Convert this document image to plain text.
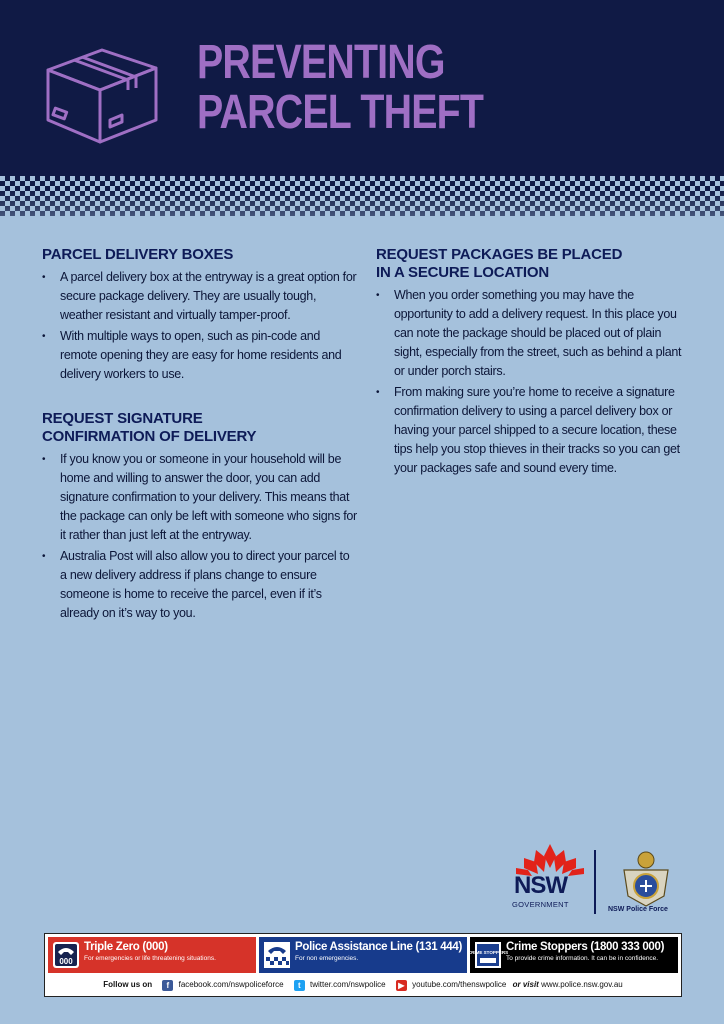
PREVENTING
PARCEL THEFT
PARCEL DELIVERY BOXES
• A parcel delivery box at the entryway is a great option for secure package delivery. They are usually tough, weather resistant and virtually tamper-proof.
• With multiple ways to open, such as pin-code and remote opening they are easy for home residents and delivery workers to use.
REQUEST SIGNATURE CONFIRMATION OF DELIVERY
• If you know you or someone in your household will be home and willing to answer the door, you can add signature confirmation to your delivery. This means that the package can only be left with someone who signs for it rather than just left at the entryway.
• Australia Post will also allow you to direct your parcel to a new delivery address if plans change to ensure someone is home to receive the parcel, even if it’s already on it’s way to you.
REQUEST PACKAGES BE PLACED IN A SECURE LOCATION
• When you order something you may have the opportunity to add a delivery request. In this place you can note the package should be placed out of plain sight, especially from the street, such as behind a plant or under porch stairs.
• From making sure you’re home to receive a signature confirmation delivery to using a parcel delivery box or having your parcel shipped to a secure location, these tips help you stop thieves in their tracks so you can get your packages safe and sound every time.
NSW
GOVERNMENT
NSW Police Force
000
Triple Zero (000)
For emergencies or life threatening situations.
Police Assistance Line (131 444)
For non emergencies.
CRIME STOPPERS
Crime Stoppers (1800 333 000)
To provide crime information. It can be in confidence.
Follow us on f facebook.com/nswpoliceforce t twitter.com/nswpolice ▶ youtube.com/thenswpolice or visit www.police.nsw.gov.au
